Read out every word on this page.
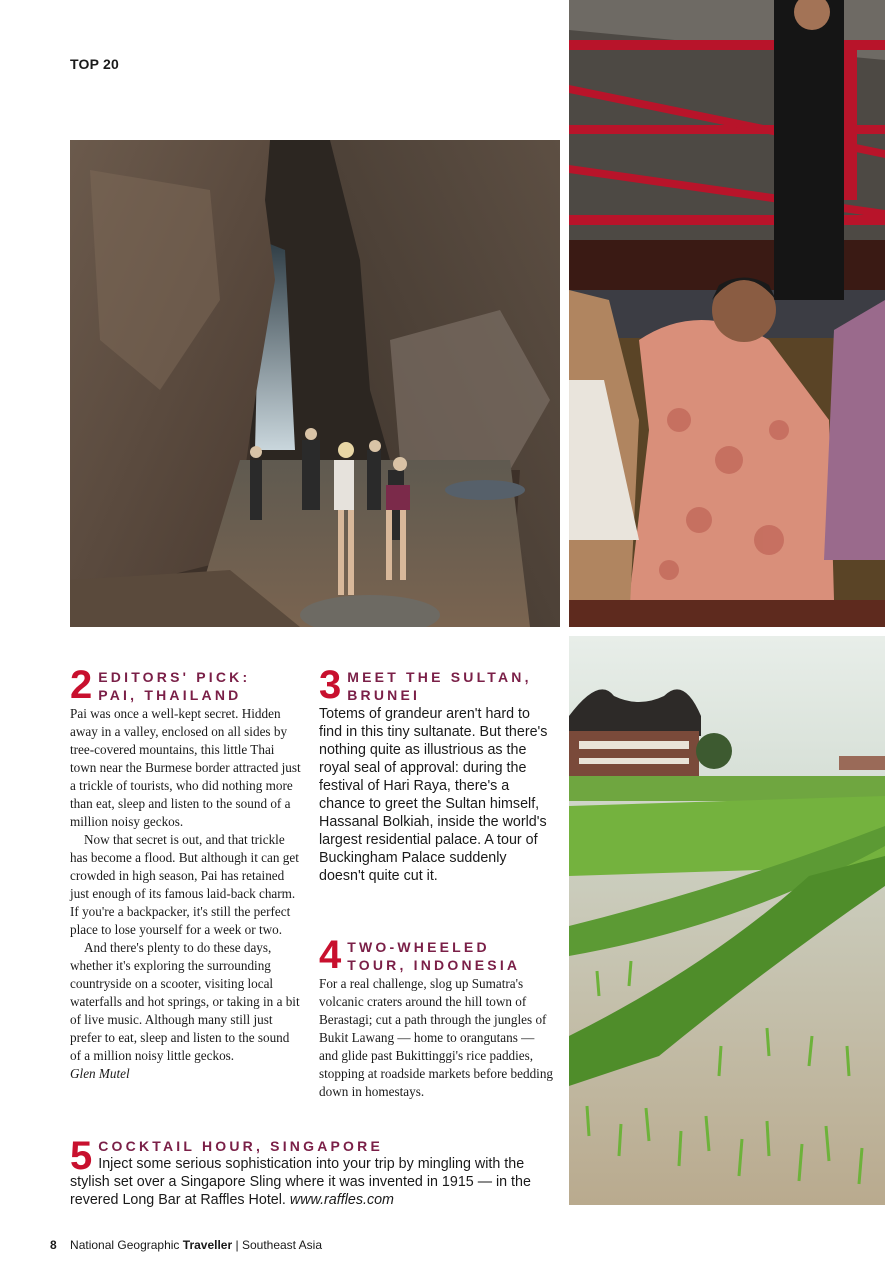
TOP 20
2 EDITORS' PICK:
PAI, THAILAND

Pai was once a well-kept secret. Hidden away in a valley, enclosed on all sides by tree-covered mountains, this little Thai town near the Burmese border attracted just a trickle of tourists, who did nothing more than eat, sleep and listen to the sound of a million noisy geckos.

Now that secret is out, and that trickle has become a flood. But although it can get crowded in high season, Pai has retained just enough of its famous laid-back charm. If you're a backpacker, it's still the perfect place to lose yourself for a week or two.

And there's plenty to do these days, whether it's exploring the surrounding countryside on a scooter, visiting local waterfalls and hot springs, or taking in a bit of live music. Although many still just prefer to eat, sleep and listen to the sound of a million noisy little geckos.

Glen Mutel

3 MEET THE SULTAN,
BRUNEI
Totems of grandeur aren't hard to find in this tiny sultanate. But there's nothing quite as illustrious as the royal seal of approval: during the festival of Hari Raya, there's a chance to greet the Sultan himself, Hassanal Bolkiah, inside the world's largest residential palace. A tour of Buckingham Palace suddenly doesn't quite cut it.
4 TWO-WHEELED
TOUR, INDONESIA
For a real challenge, slog up Sumatra's volcanic craters around the hill town of Berastagi; cut a path through the jungles of Bukit Lawang — home to orangutans — and glide past Bukittinggi's rice paddies, stopping at roadside markets before bedding down in homestays.
5 COCKTAIL HOUR, SINGAPORE
Inject some serious sophistication into your trip by mingling with the stylish set over a Singapore Sling where it was invented in 1915 — in the revered Long Bar at Raffles Hotel. www.raffles.com
8 National Geographic Traveller | Southeast Asia
